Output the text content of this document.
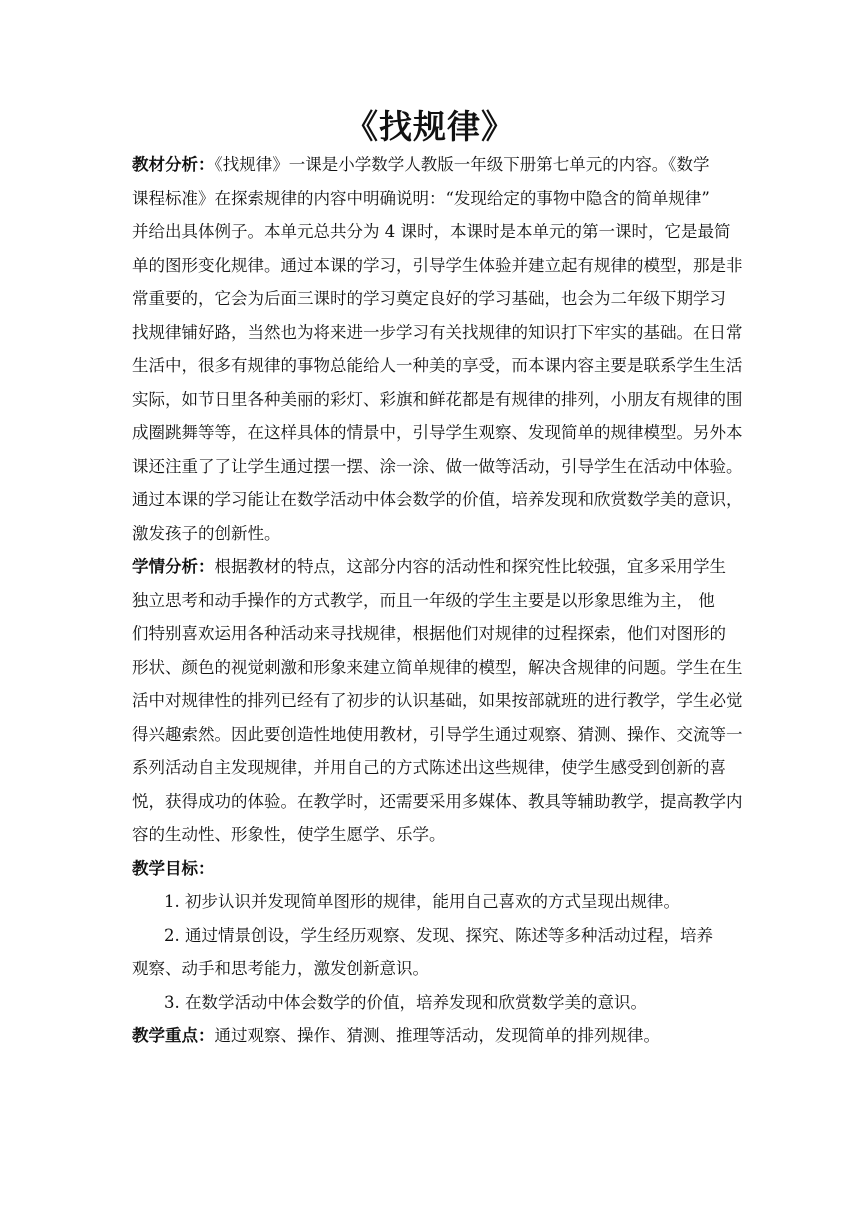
《找规律》
教材分析：《找规律》一课是小学数学人教版一年级下册第七单元的内容。《数学
课程标准》在探索规律的内容中明确说明：“发现给定的事物中隐含的简单规律”
并给出具体例子。本单元总共分为 4 课时，本课时是本单元的第一课时，它是最简
单的图形变化规律。通过本课的学习，引导学生体验并建立起有规律的模型，那是非
常重要的，它会为后面三课时的学习奠定良好的学习基础，也会为二年级下期学习
找规律铺好路，当然也为将来进一步学习有关找规律的知识打下牢实的基础。在日常
生活中，很多有规律的事物总能给人一种美的享受，而本课内容主要是联系学生生活
实际，如节日里各种美丽的彩灯、彩旗和鲜花都是有规律的排列，小朋友有规律的围
成圈跳舞等等，在这样具体的情景中，引导学生观察、发现简单的规律模型。另外本
课还注重了了让学生通过摆一摆、涂一涂、做一做等活动，引导学生在活动中体验。
通过本课的学习能让在数学活动中体会数学的价值，培养发现和欣赏数学美的意识，
激发孩子的创新性。
学情分析：根据教材的特点，这部分内容的活动性和探究性比较强，宜多采用学生
独立思考和动手操作的方式教学，而且一年级的学生主要是以形象思维为主， 他
们特别喜欢运用各种活动来寻找规律，根据他们对规律的过程探索，他们对图形的
形状、颜色的视觉刺激和形象来建立简单规律的模型，解决含规律的问题。学生在生
活中对规律性的排列已经有了初步的认识基础，如果按部就班的进行教学，学生必觉
得兴趣索然。因此要创造性地使用教材，引导学生通过观察、猜测、操作、交流等一
系列活动自主发现规律，并用自己的方式陈述出这些规律，使学生感受到创新的喜
悦，获得成功的体验。在教学时，还需要采用多媒体、教具等辅助教学，提高教学内
容的生动性、形象性，使学生愿学、乐学。
教学目标：
1. 初步认识并发现简单图形的规律，能用自己喜欢的方式呈现出规律。
2. 通过情景创设，学生经历观察、发现、探究、陈述等多种活动过程，培养
观察、动手和思考能力，激发创新意识。
3. 在数学活动中体会数学的价值，培养发现和欣赏数学美的意识。
教学重点：通过观察、操作、猜测、推理等活动，发现简单的排列规律。
